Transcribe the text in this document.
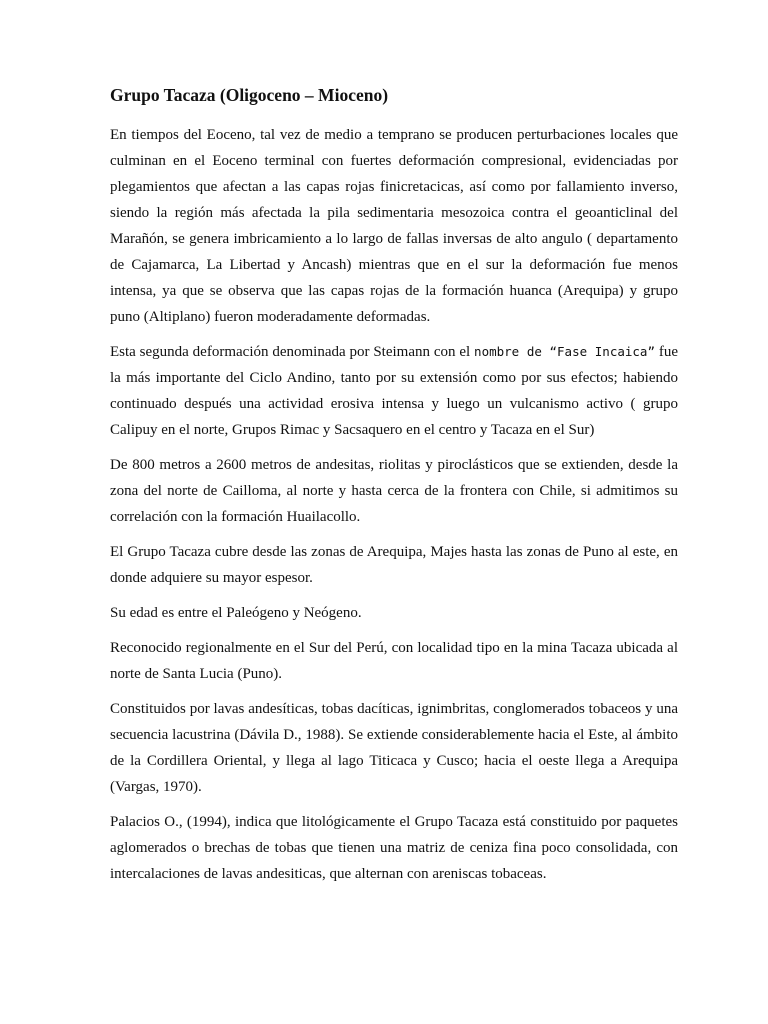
Grupo Tacaza (Oligoceno – Mioceno)

En tiempos del Eoceno, tal vez de medio a temprano se producen perturbaciones locales que culminan en el Eoceno terminal con fuertes deformación compresional, evidenciadas por plegamientos que afectan a las capas rojas finicretacicas, así como por fallamiento inverso, siendo la región más afectada la pila sedimentaria mesozoica contra el geoanticlinal del Marañón, se genera imbricamiento a lo largo de fallas inversas de alto angulo ( departamento de Cajamarca, La Libertad y Ancash) mientras que en el sur la deformación fue menos intensa, ya que se observa que las capas rojas de la formación huanca (Arequipa) y grupo puno (Altiplano) fueron moderadamente deformadas.

Esta segunda deformación denominada por Steimann con el nombre de “Fase Incaica” fue la más importante del Ciclo Andino, tanto por su extensión como por sus efectos; habiendo continuado después una actividad erosiva intensa y luego un vulcanismo activo ( grupo Calipuy en el norte, Grupos Rimac y Sacsaquero en el centro y Tacaza en el Sur)

De 800 metros a 2600 metros de andesitas, riolitas y piroclásticos que se extienden, desde la zona del norte de Cailloma, al norte y hasta cerca de la frontera con Chile, si admitimos su correlación con la formación Huailacollo.

El Grupo Tacaza cubre desde las zonas de Arequipa, Majes hasta las zonas de Puno al este, en donde adquiere su mayor espesor.

Su edad es entre el Paleógeno y Neógeno.

Reconocido regionalmente en el Sur del Perú, con localidad tipo en la mina Tacaza ubicada al norte de Santa Lucia (Puno).

Constituidos por lavas andesíticas, tobas dacíticas, ignimbritas, conglomerados tobaceos y una secuencia lacustrina (Dávila D., 1988). Se extiende considerablemente hacia el Este, al ámbito de la Cordillera Oriental, y llega al lago Titicaca y Cusco; hacia el oeste llega a Arequipa (Vargas, 1970).

Palacios O., (1994), indica que litológicamente el Grupo Tacaza está constituido por paquetes aglomerados o brechas de tobas que tienen una matriz de ceniza fina poco consolidada, con intercalaciones de lavas andesiticas, que alternan con areniscas tobaceas.
